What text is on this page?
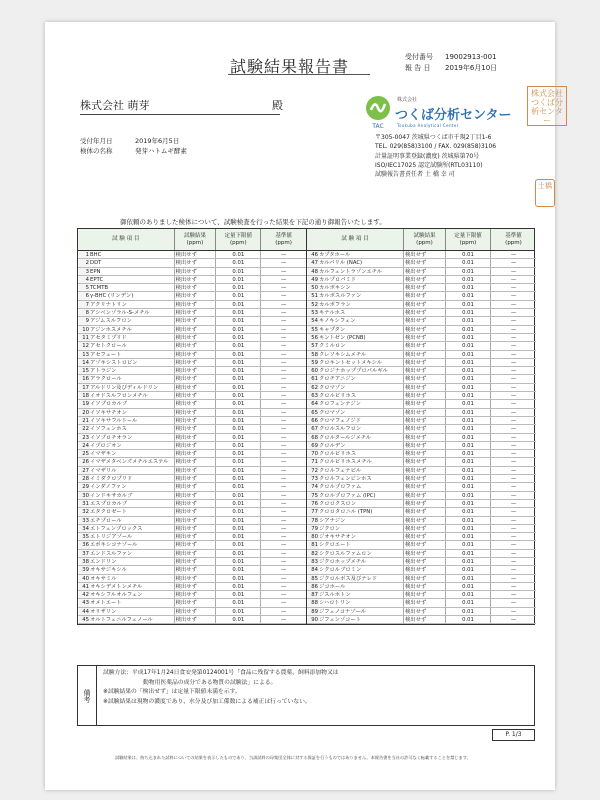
試験結果報告書	受付番号 19002913-001
報 告 日 2019年6月10日
株式会社 萌芽	殿
受付年月日	2019年6月5日
検体の名称	発芽ハトムギ酵素
TAC
株式会社
つくば分析センター
Tsukuba Analytical Center
株式会社つくば分析センター
〒305-0047 茨城県つくば市千現2丁目1-6
TEL. 029(858)3100 / FAX. 029(858)3106
計量証明事業登録(濃度) 茨城県第70号
ISO/IEC17025 認定試験所(RTL03110)
試験報告書責任者 土 橋 幸 司
土橋
御依頼のありました検体について、試験検査を行った結果を下記の通り御報告いたします。
試 験 項 目
試験結果
(ppm)
定量下限値
(ppm)
基準値
(ppm)
試 験 項 目
試験結果
(ppm)
定量下限値
(ppm)
基準値
(ppm)
1 BHC	検出せず	0.01	—
2 DDT	検出せず	0.01	—
3 EPN	検出せず	0.01	—
4 EPTC	検出せず	0.01	—
5 TCMTB	検出せず	0.01	—
6 γ-BHC (リンデン)	検出せず	0.01	—
7 アクリナトリン	検出せず	0.01	—
8 アシベンゾラル-S-メチル	検出せず	0.01	—
9 アジムスルフロン	検出せず	0.01	—
10 アジンホスメチル	検出せず	0.01	—
11 アセタミプリド	検出せず	0.01	—
12 アセトクロール	検出せず	0.01	—
13 アセフェート	検出せず	0.01	—
14 アゾキシストロビン	検出せず	0.01	—
15 アトラジン	検出せず	0.01	—
16 アラクロール	検出せず	0.01	—
17 アルドリン及びディルドリン	検出せず	0.01	—
18 イオドスルフロンメチル	検出せず	0.01	—
19 イソプロカルブ	検出せず	0.01	—
20 イソキサチオン	検出せず	0.01	—
21 イソキサフルトール	検出せず	0.01	—
22 イソフェンホス	検出せず	0.01	—
23 イソプロチオラン	検出せず	0.01	—
24 イプロジオン	検出せず	0.01	—
25 イマザキン	検出せず	0.01	—
26 イマザメタベンズメチルエステル	検出せず	0.01	—
27 イマザリル	検出せず	0.01	—
28 イミダクロプリド	検出せず	0.01	—
29 インダノファン	検出せず	0.01	—
30 インドキサカルブ	検出せず	0.01	—
31 エスプロカルブ	検出せず	0.01	—
32 エタクロゼート	検出せず	0.01	—
33 エチプロール	検出せず	0.01	—
34 エトフェンプロックス	検出せず	0.01	—
35 エトリジアゾール	検出せず	0.01	—
36 エポキシコナゾール	検出せず	0.01	—
37 エンドスルファン	検出せず	0.01	—
38 エンドリン	検出せず	0.01	—
39 オキサジキシル	検出せず	0.01	—
40 オキサミル	検出せず	0.01	—
41 オキシデメトンメチル	検出せず	0.01	—
42 オキシフルオルフェン	検出せず	0.01	—
43 オメトエート	検出せず	0.01	—
44 オリザリン	検出せず	0.01	—
45 オルトフェニルフェノール	検出せず	0.01	—
46 カプタホール	検出せず	0.01	—
47 カルバリル (NAC)	検出せず	0.01	—
48 カルフェントラゾンエチル	検出せず	0.01	—
49 カルプロパミド	検出せず	0.01	—
50 カルボキシン	検出せず	0.01	—
51 カルボスルファン	検出せず	0.01	—
52 カルボフラン	検出せず	0.01	—
53 キナルホス	検出せず	0.01	—
54 キノキシフェン	検出せず	0.01	—
55 キャプタン	検出せず	0.01	—
56 キントゼン (PCNB)	検出せず	0.01	—
57 クミルロン	検出せず	0.01	—
58 クレソキシムメチル	検出せず	0.01	—
59 クロキントセットメキシル	検出せず	0.01	—
60 クロジナホッププロパルギル	検出せず	0.01	—
61 クロチアニジン	検出せず	0.01	—
62 クロマゾン	検出せず	0.01	—
63 クロルピリホス	検出せず	0.01	—
64 クロフェンテジン	検出せず	0.01	—
65 クロマゾン	検出せず	0.01	—
66 クロマフェノジド	検出せず	0.01	—
67 クロルスルフロン	検出せず	0.01	—
68 クロルタールジメチル	検出せず	0.01	—
69 クロルデン	検出せず	0.01	—
70 クロルピリホス	検出せず	0.01	—
71 クロルピリホスメチル	検出せず	0.01	—
72 クロルフェナピル	検出せず	0.01	—
73 クロルフェンビンホス	検出せず	0.01	—
74 クロルプロファム	検出せず	0.01	—
75 クロルプロファム (IPC)	検出せず	0.01	—
76 クロロクスロン	検出せず	0.01	—
77 クロロタロニル (TPN)	検出せず	0.01	—
78 シアナジン	検出せず	0.01	—
79 ジクロン	検出せず	0.01	—
80 ジオキサチオン	検出せず	0.01	—
81 シクロエート	検出せず	0.01	—
82 シクロスルファムロン	検出せず	0.01	—
83 ジクロホップメチル	検出せず	0.01	—
84 シクロルブロミン	検出せず	0.01	—
85 ジクロルボス及びナレド	検出せず	0.01	—
86 ジコホール	検出せず	0.01	—
87 ジスルホトン	検出せず	0.01	—
88 シハロトリン	検出せず	0.01	—
89 ジフェノコナゾール	検出せず	0.01	—
90 ジフェンゾコート	検出せず	0.01	—
備考
試験方法：平成17年1月24日食安発第0124001号「食品に残留する農薬、飼料添加物又は
動物用医薬品の成分である物質の試験法」による。
※試験結果の「検出せず」は定量下限値未満を示す。
※試験結果は現物の濃度であり、水分及び加工係数による補正は行っていない。
P. 1/3
試験結果は、持ち込まれた試料についての結果を表示したものであり、当該試料の母集団全体に対する保証を行うものではありません。本報告書を当社の許可なく転載することを禁じます。
